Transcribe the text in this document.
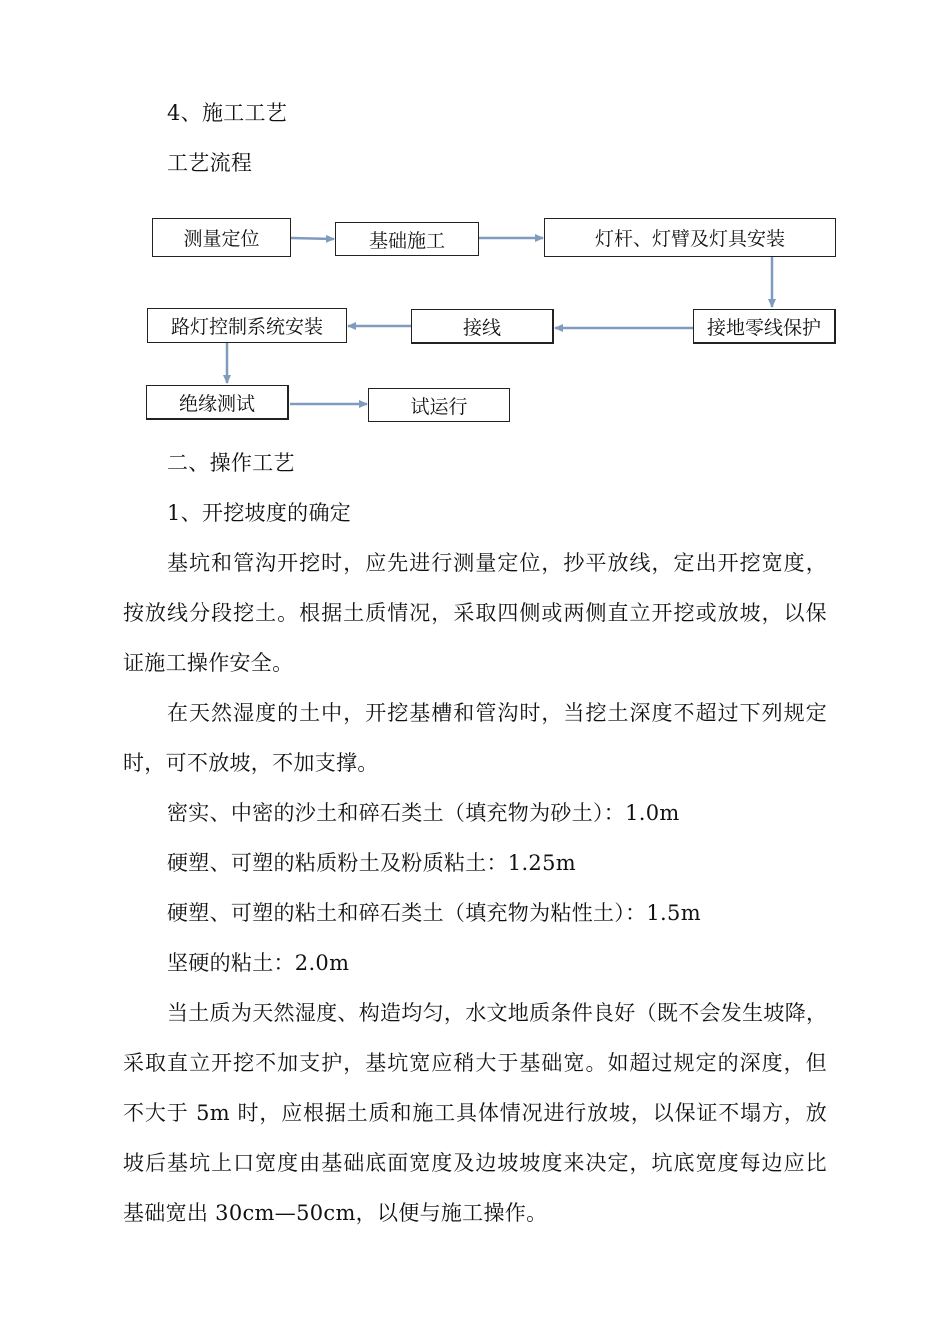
4、施工工艺
工艺流程
测量定位	基础施工	灯杆、灯臂及灯具安装
接地零线保护
接线
路灯控制系统安装
绝缘测试	试运行
二、操作工艺
1、开挖坡度的确定
基坑和管沟开挖时，应先进行测量定位，抄平放线，定出开挖宽度，
按放线分段挖土。根据土质情况，采取四侧或两侧直立开挖或放坡，以保
证施工操作安全。
在天然湿度的土中，开挖基槽和管沟时，当挖土深度不超过下列规定
时，可不放坡，不加支撑。
密实、中密的沙土和碎石类土（填充物为砂土）：1.0m
硬塑、可塑的粘质粉土及粉质粘土：1.25m
硬塑、可塑的粘土和碎石类土（填充物为粘性土）：1.5m
坚硬的粘土：2.0m
当土质为天然湿度、构造均匀，水文地质条件良好（既不会发生坡降，
采取直立开挖不加支护，基坑宽应稍大于基础宽。如超过规定的深度，但
不大于 5m 时，应根据土质和施工具体情况进行放坡，以保证不塌方，放
坡后基坑上口宽度由基础底面宽度及边坡坡度来决定，坑底宽度每边应比
基础宽出 30cm—50cm，以便与施工操作。
